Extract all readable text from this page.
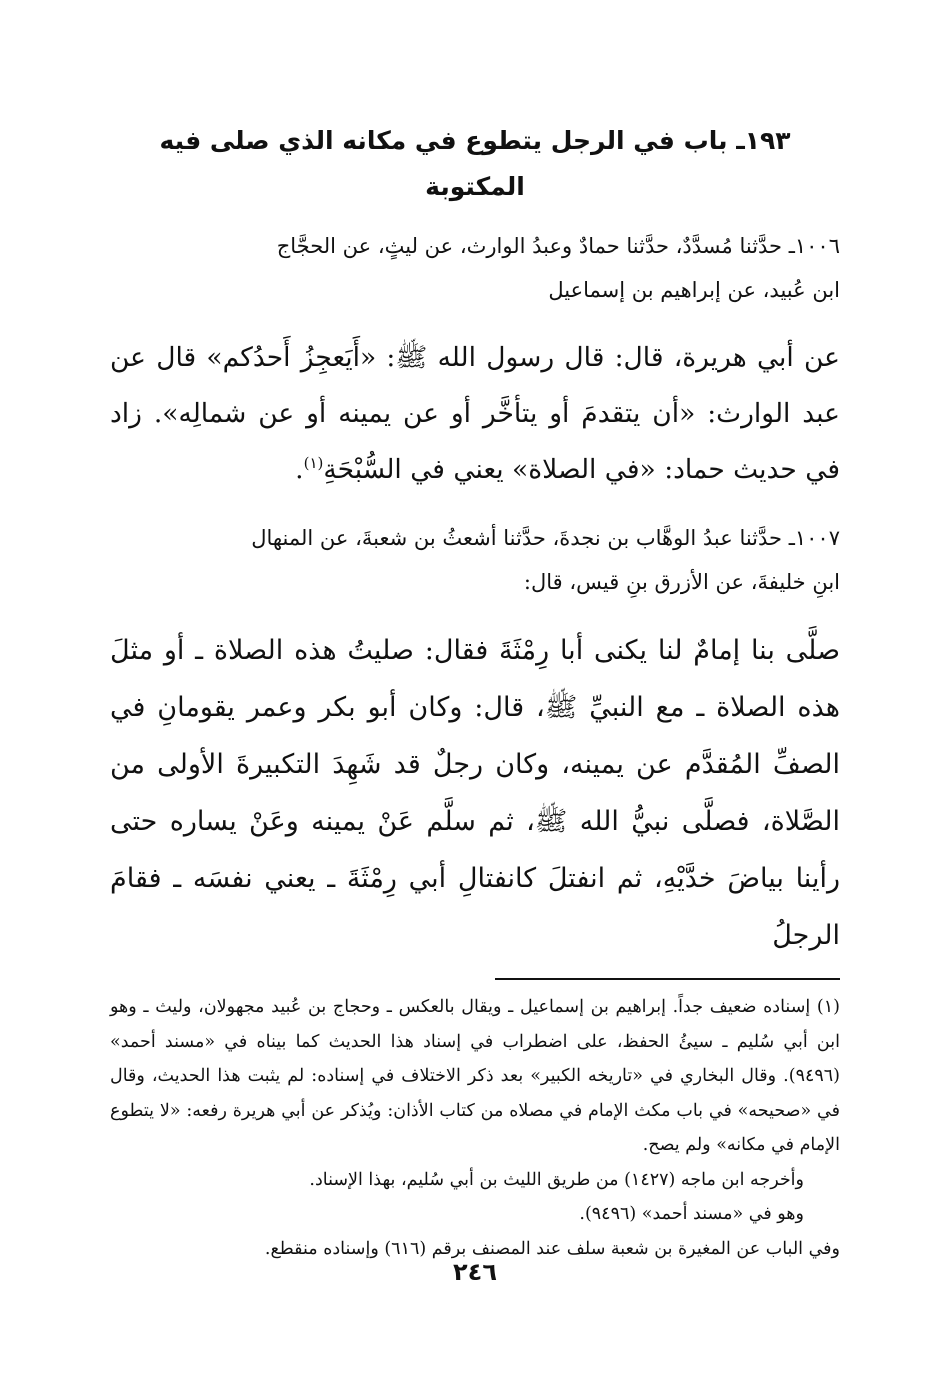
١٩٣ـ باب في الرجل يتطوع في مكانه الذي صلى فيه المكتوبة

١٠٠٦ـ حدَّثنا مُسدَّدٌ، حدَّثنا حمادٌ وعبدُ الوارث، عن ليثٍ، عن الحجَّاج

ابن عُبيد، عن إبراهيم بن إسماعيل

عن أبي هريرة، قال: قال رسول الله ﷺ: «أَيَعجِزُ أَحدُكم» قال عن عبد الوارث: «أن يتقدمَ أو يتأخَّر أو عن يمينه أو عن شمالِه». زاد في حديث حماد: «في الصلاة» يعني في السُّبْحَةِ$^{(١)}$.

١٠٠٧ـ حدَّثنا عبدُ الوهَّاب بن نجدةَ، حدَّثنا أشعثُ بن شعبةَ، عن المنهال

ابنِ خليفةَ، عن الأزرق بنِ قيس، قال:

صلَّى بنا إمامٌ لنا يكنى أبا رِمْثَةَ فقال: صليتُ هذه الصلاة ـ أو مثلَ هذه الصلاة ـ مع النبيِّ ﷺ، قال: وكان أبو بكر وعمر يقومانِ في الصفِّ المُقدَّم عن يمينه، وكان رجلٌ قد شَهِدَ التكبيرةَ الأولى من الصَّلاة، فصلَّى نبيُّ الله ﷺ، ثم سلَّم عَنْ يمينه وعَنْ يساره حتى رأينا بياضَ خدَّيْهِ، ثم انفتلَ كانفتالِ أبي رِمْثَةَ ـ يعني نفسَه ـ فقامَ الرجلُ

(١) إسناده ضعيف جداً. إبراهيم بن إسماعيل ـ ويقال بالعكس ـ وحجاج بن عُبيد مجهولان، وليث ـ وهو ابن أبي سُليم ـ سيئُ الحفظ، على اضطراب في إسناد هذا الحديث كما بيناه في «مسند أحمد» (٩٤٩٦). وقال البخاري في «تاريخه الكبير» بعد ذكر الاختلاف في إسناده: لم يثبت هذا الحديث، وقال في «صحيحه» في باب مكث الإمام في مصلاه من كتاب الأذان: ويُذكر عن أبي هريرة رفعه: «لا يتطوع الإمام في مكانه» ولم يصح.

وأخرجه ابن ماجه (١٤٢٧) من طريق الليث بن أبي سُليم، بهذا الإسناد.

وهو في «مسند أحمد» (٩٤٩٦).

وفي الباب عن المغيرة بن شعبة سلف عند المصنف برقم (٦١٦) وإسناده منقطع.

٢٤٦
